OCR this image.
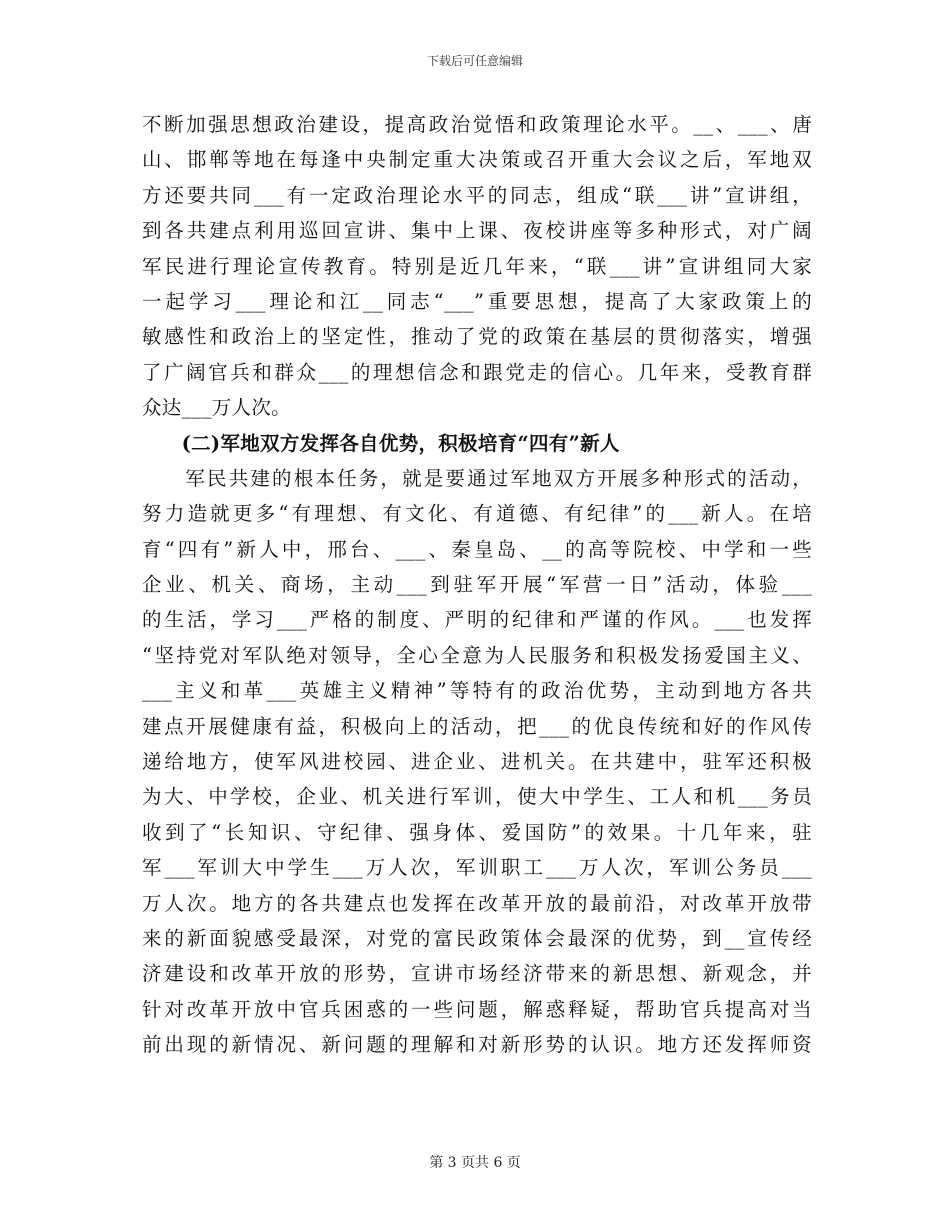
下载后可任意编辑
不断加强思想政治建设，提高政治觉悟和政策理论水平。__、___、唐
山、邯郸等地在每逢中央制定重大决策或召开重大会议之后，军地双
方还要共同___有一定政治理论水平的同志，组成“联___讲”宣讲组，
到各共建点利用巡回宣讲、集中上课、夜校讲座等多种形式，对广阔
军民进行理论宣传教育。特别是近几年来，“联___讲”宣讲组同大家
一起学习___理论和江__同志“___”重要思想，提高了大家政策上的
敏感性和政治上的坚定性，推动了党的政策在基层的贯彻落实，增强
了广阔官兵和群众___的理想信念和跟党走的信心。几年来，受教育群
众达___万人次。
　　(二)军地双方发挥各自优势，积极培育“四有”新人
　　军民共建的根本任务，就是要通过军地双方开展多种形式的活动，
努力造就更多“有理想、有文化、有道德、有纪律”的___新人。在培
育“四有”新人中，邢台、___、秦皇岛、__的高等院校、中学和一些
企业、机关、商场，主动___到驻军开展“军营一日”活动，体验___
的生活，学习___严格的制度、严明的纪律和严谨的作风。___也发挥
“坚持党对军队绝对领导，全心全意为人民服务和积极发扬爱国主义、
___主义和革___英雄主义精神”等特有的政治优势，主动到地方各共
建点开展健康有益，积极向上的活动，把___的优良传统和好的作风传
递给地方，使军风进校园、进企业、进机关。在共建中，驻军还积极
为大、中学校，企业、机关进行军训，使大中学生、工人和机___务员
收到了“长知识、守纪律、强身体、爱国防”的效果。十几年来，驻
军___军训大中学生___万人次，军训职工___万人次，军训公务员___
万人次。地方的各共建点也发挥在改革开放的最前沿，对改革开放带
来的新面貌感受最深，对党的富民政策体会最深的优势，到__宣传经
济建设和改革开放的形势，宣讲市场经济带来的新思想、新观念，并
针对改革开放中官兵困惑的一些问题，解惑释疑，帮助官兵提高对当
前出现的新情况、新问题的理解和对新形势的认识。地方还发挥师资
第 3 页共 6 页
